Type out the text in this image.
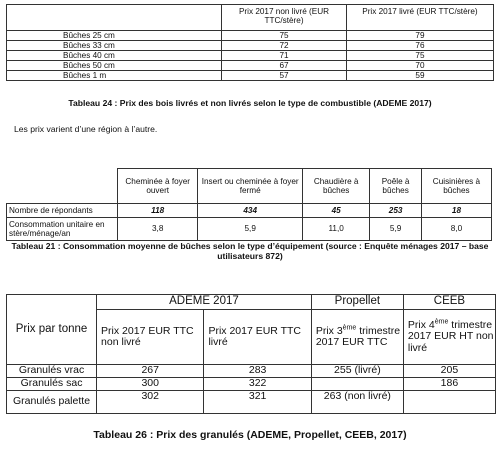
	Prix 2017 non livré (EUR TTC/stère)	Prix 2017 livré (EUR TTC/stère)
Bûches 25 cm	75	79
Bûches 33 cm	72	76
Bûches 40 cm	71	75
Bûches 50 cm	67	70
Bûches 1 m	57	59
Tableau 24 : Prix des bois livrés et non livrés selon le type de combustible (ADEME 2017)
Les prix varient d’une région à l’autre.
	Cheminée à foyer ouvert	Insert ou cheminée à foyer fermé	Chaudière à bûches	Poêle à bûches	Cuisinières à bûches
Nombre de répondants	118	434	45	253	18
Consommation unitaire en stère/ménage/an	3,8	5,9	11,0	5,9	8,0
Tableau 21 : Consommation moyenne de bûches selon le type d’équipement (source : Enquête ménages 2017 – base utilisateurs 872)
Prix par tonne	ADEME 2017		Propellet	CEEB
	Prix 2017 EUR TTC non livré	Prix 2017 EUR TTC livré	Prix 3ème trimestre 2017 EUR TTC	Prix 4ème trimestre 2017 EUR HT non livré
Granulés vrac	267	283	255 (livré)	205
Granulés sac	300	322		186
Granulés palette	302	321	263 (non livré)	
Tableau 26 : Prix des granulés (ADEME, Propellet, CEEB, 2017)
